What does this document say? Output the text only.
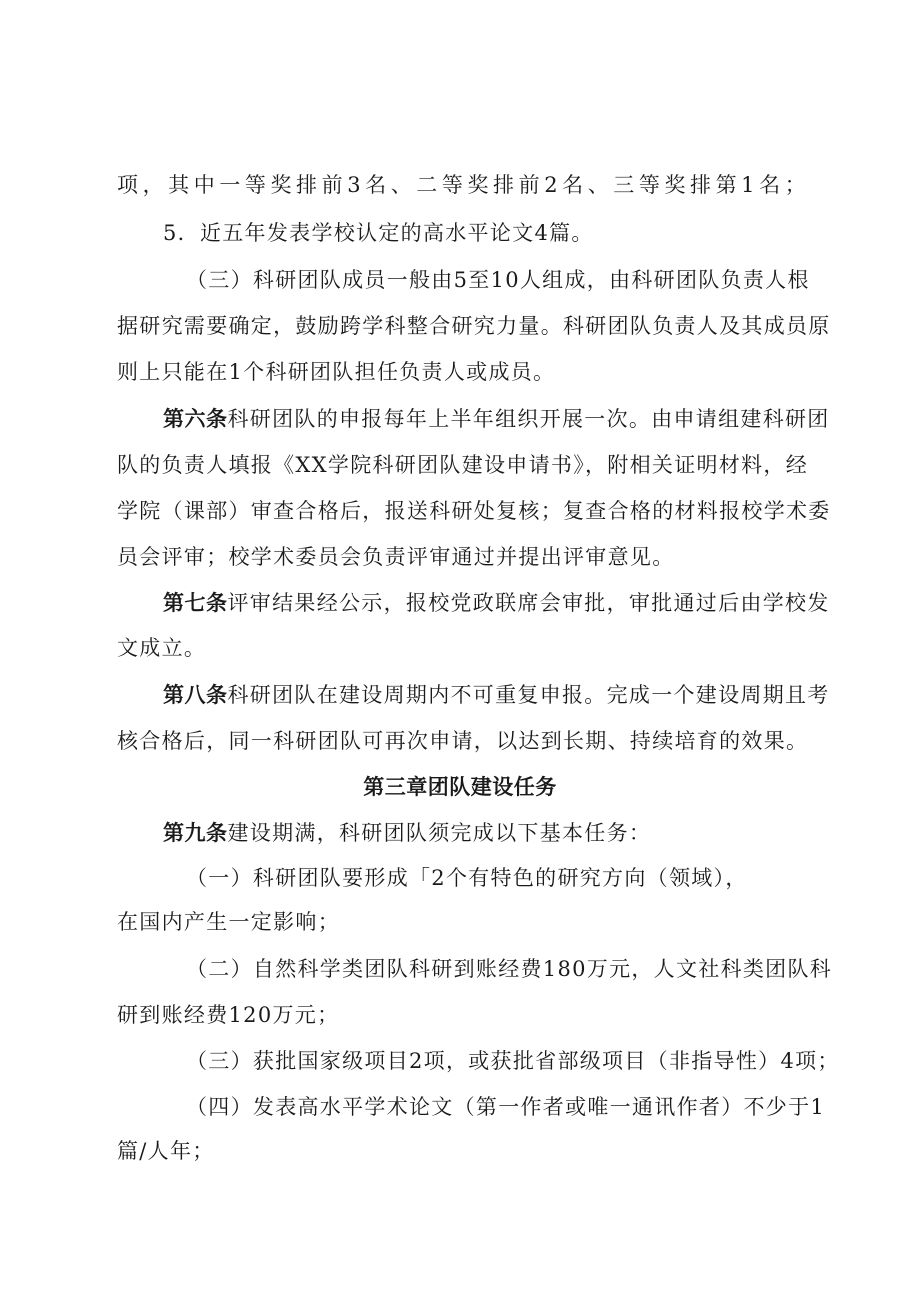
项，其中一等奖排前3名、二等奖排前2名、三等奖排第1名；
5．近五年发表学校认定的高水平论文4篇。
（三）科研团队成员一般由5至10人组成，由科研团队负责人根
据研究需要确定，鼓励跨学科整合研究力量。科研团队负责人及其成员原
则上只能在1个科研团队担任负责人或成员。
第六条科研团队的申报每年上半年组织开展一次。由申请组建科研团
队的负责人填报《XX学院科研团队建设申请书》，附相关证明材料，经
学院（课部）审查合格后，报送科研处复核；复查合格的材料报校学术委
员会评审；校学术委员会负责评审通过并提出评审意见。
第七条评审结果经公示，报校党政联席会审批，审批通过后由学校发
文成立。
第八条科研团队在建设周期内不可重复申报。完成一个建设周期且考
核合格后，同一科研团队可再次申请，以达到长期、持续培育的效果。
第三章团队建设任务
第九条建设期满，科研团队须完成以下基本任务：
（一）科研团队要形成「2个有特色的研究方向（领域），
在国内产生一定影响；
（二）自然科学类团队科研到账经费180万元，人文社科类团队科
研到账经费120万元；
（三）获批国家级项目2项，或获批省部级项目（非指导性）4项；
（四）发表高水平学术论文（第一作者或唯一通讯作者）不少于1
篇/人年；
